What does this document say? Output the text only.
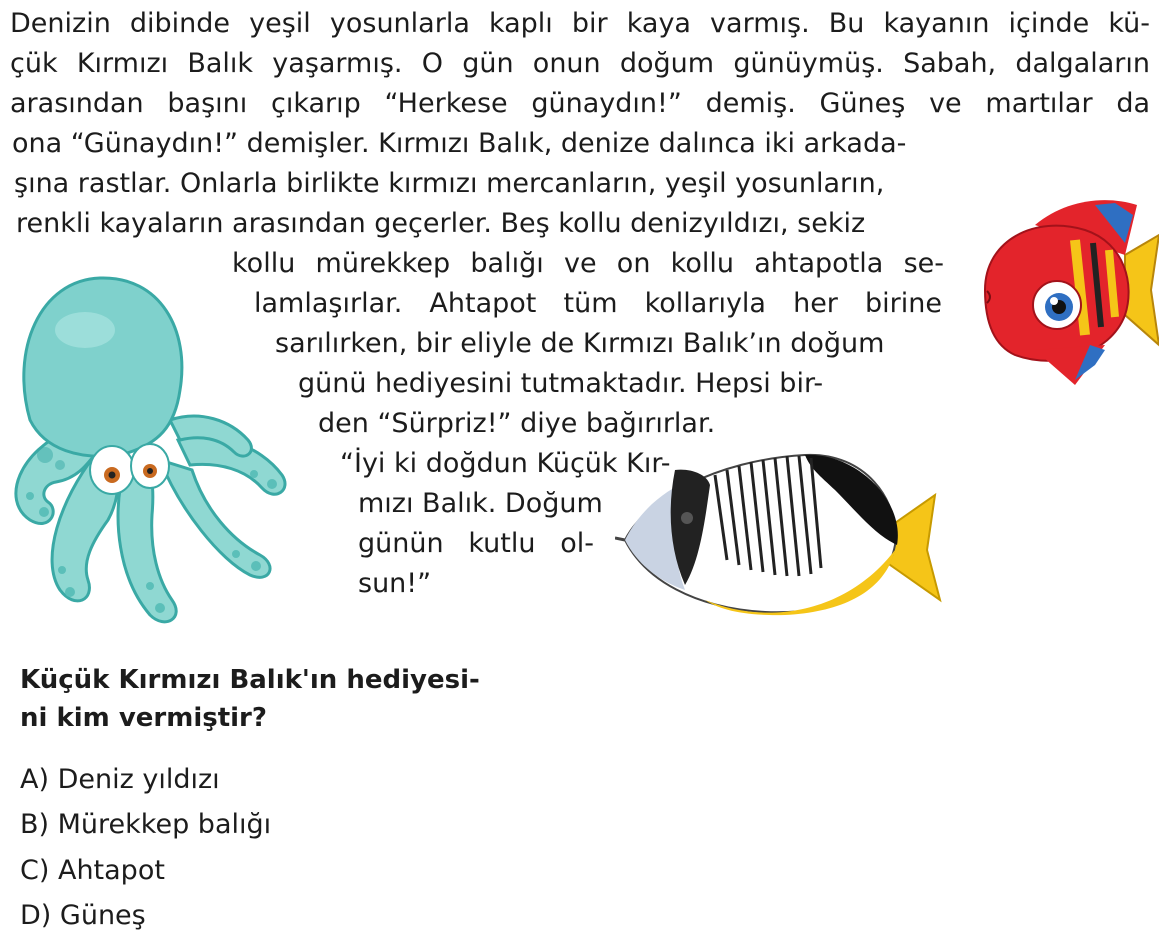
Denizin dibinde yeşil yosunlarla kaplı bir kaya varmış. Bu kayanın içinde kü-
çük Kırmızı Balık yaşarmış. O gün onun doğum günüymüş. Sabah, dalgaların
arasından başını çıkarıp “Herkese günaydın!” demiş. Güneş ve martılar da
ona “Günaydın!” demişler. Kırmızı Balık, denize dalınca iki arkada-
şına rastlar. Onlarla birlikte kırmızı mercanların, yeşil yosunların,
renkli kayaların arasından geçerler. Beş kollu denizyıldızı, sekiz
kollu mürekkep balığı ve on kollu ahtapotla se-
lamlaşırlar. Ahtapot tüm kollarıyla her birine
sarılırken, bir eliyle de Kırmızı Balık’ın doğum
günü hediyesini tutmaktadır. Hepsi bir-
den “Sürpriz!” diye bağırırlar.
“İyi ki doğdun Küçük Kır-
mızı Balık. Doğum
günün kutlu ol-
sun!”
Küçük Kırmızı Balık'ın hediyesi-
ni kim vermiştir?
A) Deniz yıldızı
B) Mürekkep balığı
C) Ahtapot
D) Güneş
